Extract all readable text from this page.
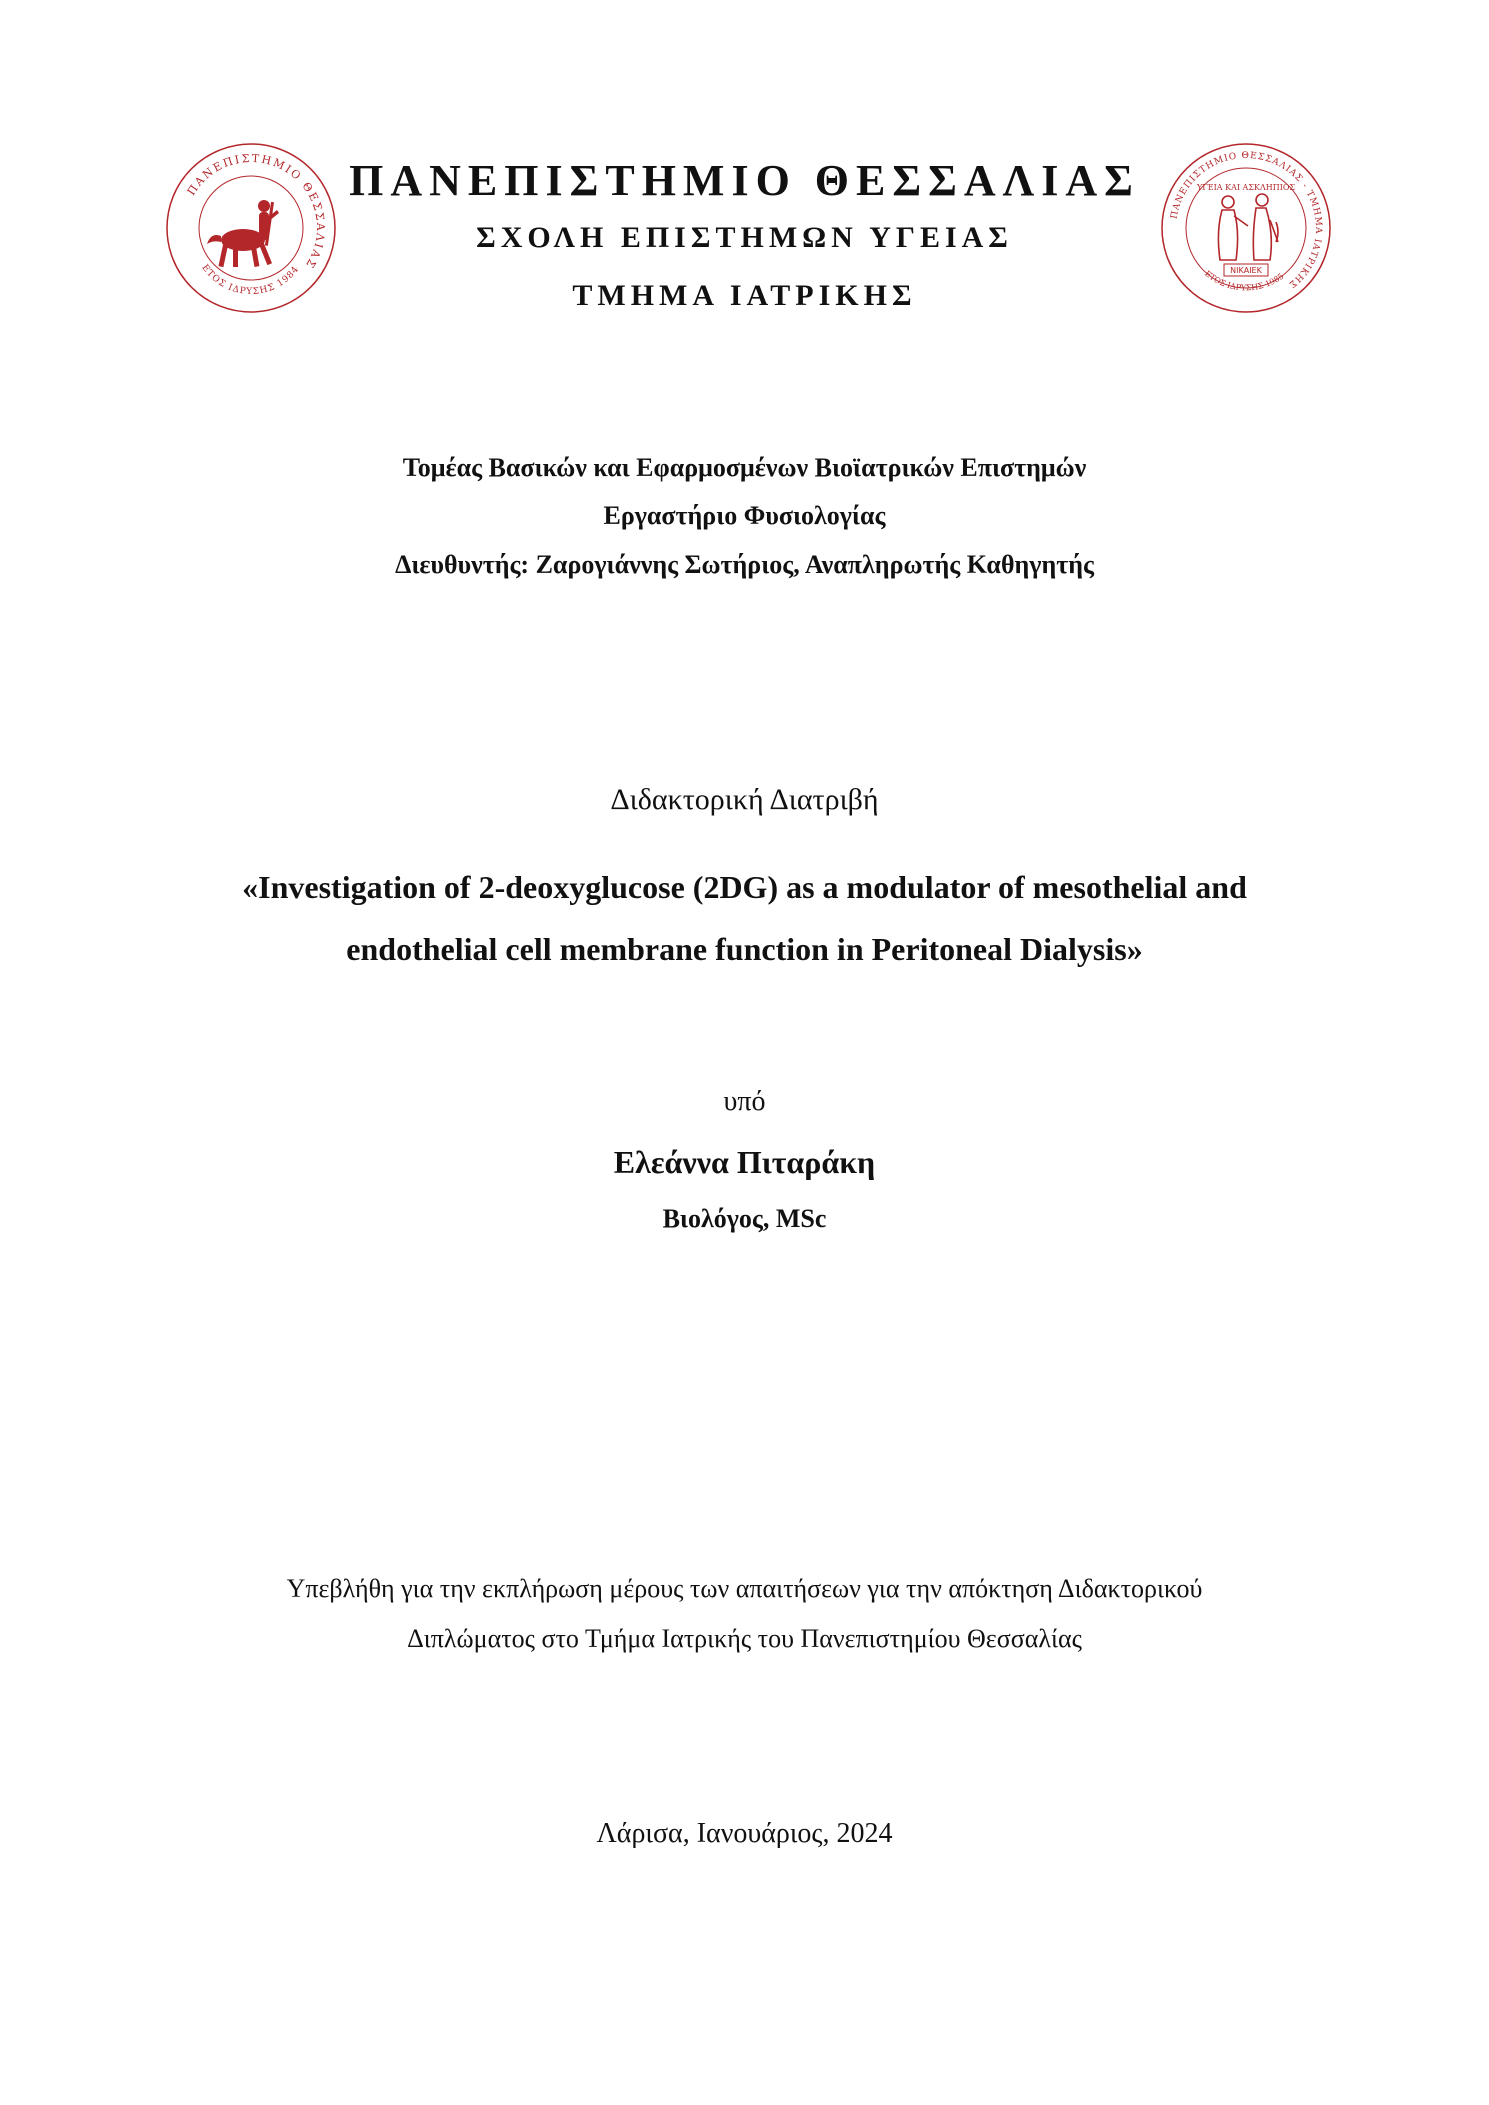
ΠΑΝΕΠΙΣΤΗΜΙΟ ΘΕΣΣΑΛΙΑΣ
ΕΤΟΣ ΙΔΡΥΣΗΣ 1984
ΠΑΝΕΠΙΣΤΗΜΙΟ ΘΕΣΣΑΛΙΑΣ - ΤΜΗΜΑ ΙΑΤΡΙΚΗΣ
ΕΤΟΣ ΙΔΡΥΣΗΣ 1985
ΥΓΕΙΑ ΚΑΙ ΑΣΚΛΗΠΙΟΣ
ΝΙΚΑΙΕΚ
ΠΑΝΕΠΙΣΤΗΜΙΟ ΘΕΣΣΑΛΙΑΣ
ΣΧΟΛΗ ΕΠΙΣΤΗΜΩΝ ΥΓΕΙΑΣ
ΤΜΗΜΑ ΙΑΤΡΙΚΗΣ
Τομέας Βασικών και Εφαρμοσμένων Βιοϊατρικών Επιστημών
Εργαστήριο Φυσιολογίας
Διευθυντής: Ζαρογιάννης Σωτήριος, Αναπληρωτής Καθηγητής
Διδακτορική Διατριβή
«Investigation of 2-deoxyglucose (2DG) as a modulator of mesothelial and
endothelial cell membrane function in Peritoneal Dialysis»
υπό
Ελεάννα Πιταράκη
Βιολόγος, MSc
Υπεβλήθη για την εκπλήρωση μέρους των απαιτήσεων για την απόκτηση Διδακτορικού
Διπλώματος στο Τμήμα Ιατρικής του Πανεπιστημίου Θεσσαλίας
Λάρισα, Ιανουάριος, 2024
